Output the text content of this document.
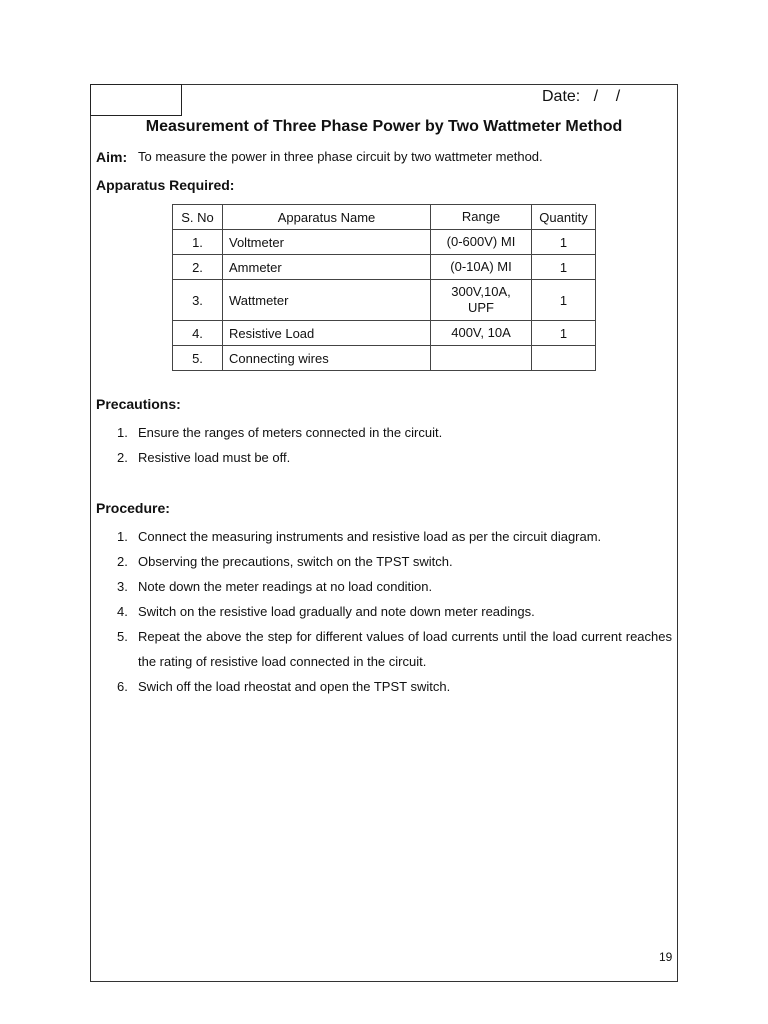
Date:   /    /
Measurement of Three Phase Power by Two Wattmeter Method
Aim: To measure the power in three phase circuit by two wattmeter method.
Apparatus Required:
S. No	Apparatus Name	Range	Quantity
1.	Voltmeter	(0-600V) MI	1
2.	Ammeter	(0-10A) MI	1
3.	Wattmeter	300V,10A, UPF	1
4.	Resistive Load	400V, 10A	1
5.	Connecting wires		
Precautions:
1. Ensure the ranges of meters connected in the circuit.
2. Resistive load must be off.
Procedure:
1. Connect the measuring instruments and resistive load as per the circuit diagram.
2. Observing the precautions, switch on the TPST switch.
3. Note down the meter readings at no load condition.
4. Switch on the resistive load gradually and note down meter readings.
5. Repeat the above the step for different values of load currents until the load current reaches the rating of resistive load connected in the circuit.
6. Swich off the load rheostat and open the TPST switch.
19
